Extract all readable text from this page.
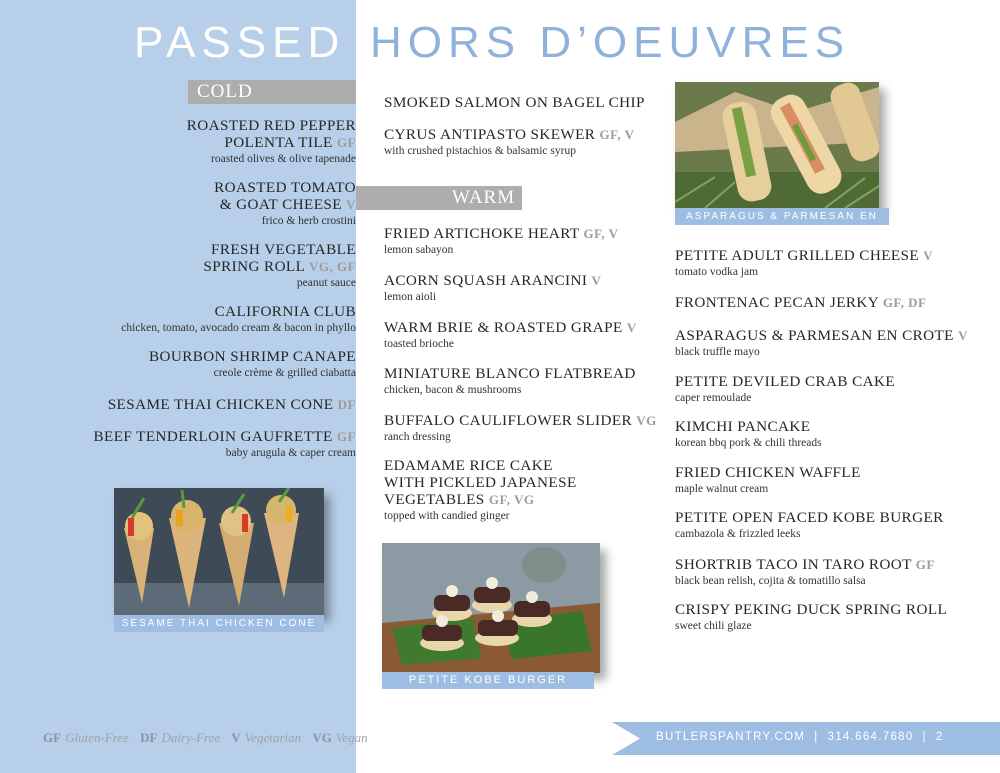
PASSED HORS D’OEUVRES
COLD
ROASTED RED PEPPER
POLENTA TILE GF
roasted olives & olive tapenade
ROASTED TOMATO
& GOAT CHEESE V
frico & herb crostini
FRESH VEGETABLE
SPRING ROLL VG, GF
peanut sauce
CALIFORNIA CLUB
chicken, tomato, avocado cream & bacon in phyllo
BOURBON SHRIMP CANAPE
creole crème & grilled ciabatta
SESAME THAI CHICKEN CONE DF
BEEF TENDERLOIN GAUFRETTE GF
baby arugula & caper cream
SMOKED SALMON ON BAGEL CHIP
CYRUS ANTIPASTO SKEWER GF, V
with crushed pistachios & balsamic syrup
WARM
FRIED ARTICHOKE HEART GF, V
lemon sabayon
ACORN SQUASH ARANCINI V
lemon aioli
WARM BRIE & ROASTED GRAPE V
toasted brioche
MINIATURE BLANCO FLATBREAD
chicken, bacon & mushrooms
BUFFALO CAULIFLOWER SLIDER VG
ranch dressing
EDAMAME RICE CAKE
WITH PICKLED JAPANESE
VEGETABLES GF, VG
topped with candied ginger
PETITE ADULT GRILLED CHEESE V
tomato vodka jam
FRONTENAC PECAN JERKY GF, DF
ASPARAGUS & PARMESAN EN CROTE V
black truffle mayo
PETITE DEVILED CRAB CAKE
caper remoulade
KIMCHI PANCAKE
korean bbq pork & chili threads
FRIED CHICKEN WAFFLE
maple walnut cream
PETITE OPEN FACED KOBE BURGER
cambazola & frizzled leeks
SHORTRIB TACO IN TARO ROOT GF
black bean relish, cojita & tomatillo salsa
CRISPY PEKING DUCK SPRING ROLL
sweet chili glaze
ASPARAGUS & PARMESAN EN CROUTE
SESAME THAI CHICKEN CONE
PETITE KOBE BURGER
GF Gluten-Free DF Dairy-Free V Vegetarian VG Vegan	BUTLERSPANTRY.COM | 314.664.7680 | 2
